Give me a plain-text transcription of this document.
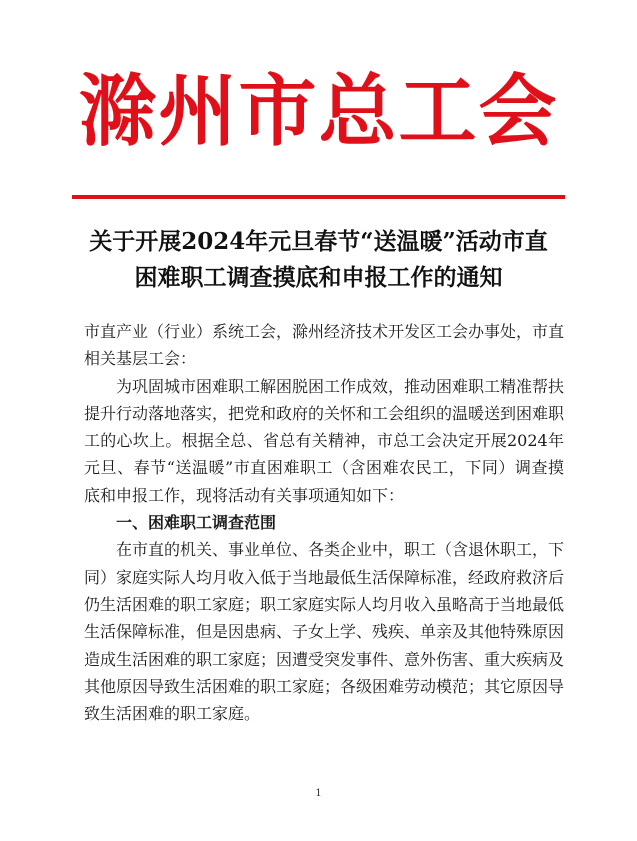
滁州市总工会
关于开展2024年元旦春节“送温暖”活动市直
困难职工调查摸底和申报工作的通知
市直产业（行业）系统工会，滁州经济技术开发区工会办事处，市直相关基层工会：
为巩固城市困难职工解困脱困工作成效，推动困难职工精准帮扶提升行动落地落实，把党和政府的关怀和工会组织的温暖送到困难职工的心坎上。根据全总、省总有关精神，市总工会决定开展2024年元旦、春节“送温暖”市直困难职工（含困难农民工，下同）调查摸底和申报工作，现将活动有关事项通知如下：
一、困难职工调查范围
在市直的机关、事业单位、各类企业中，职工（含退休职工，下同）家庭实际人均月收入低于当地最低生活保障标准，经政府救济后仍生活困难的职工家庭；职工家庭实际人均月收入虽略高于当地最低生活保障标准，但是因患病、子女上学、残疾、单亲及其他特殊原因造成生活困难的职工家庭；因遭受突发事件、意外伤害、重大疾病及其他原因导致生活困难的职工家庭；各级困难劳动模范；其它原因导致生活困难的职工家庭。
1
